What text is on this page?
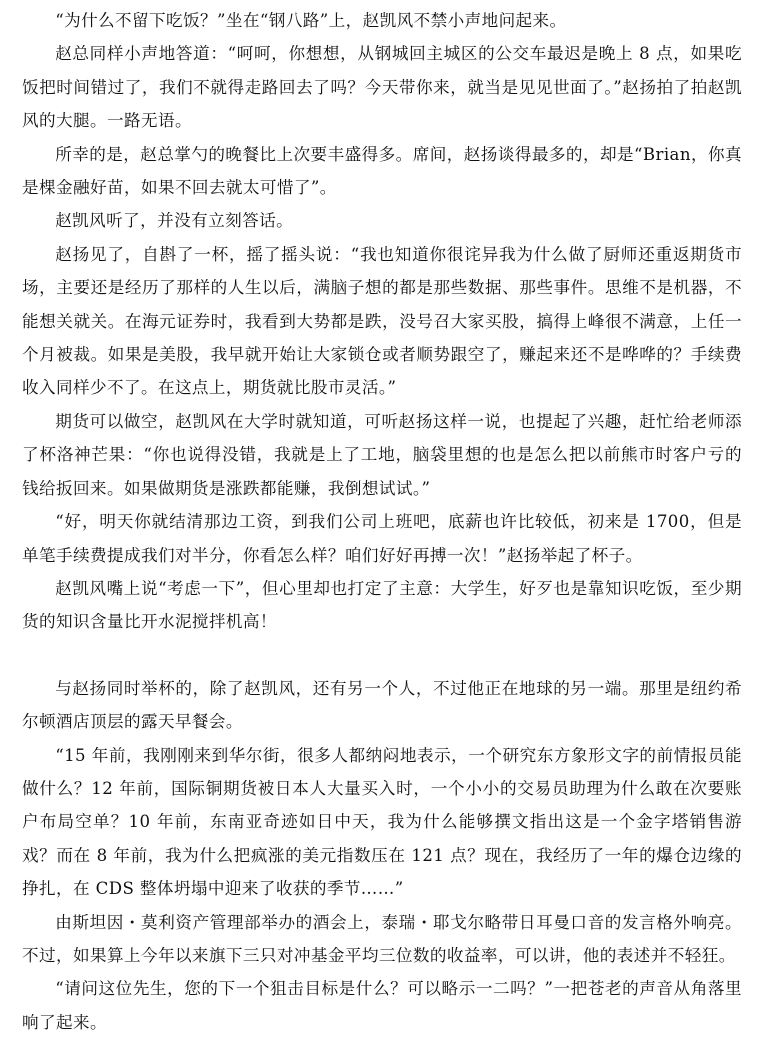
“为什么不留下吃饭？”坐在“钢八路”上，赵凯风不禁小声地问起来。

赵总同样小声地答道：“呵呵，你想想，从钢城回主城区的公交车最迟是晚上 8 点，如果吃饭把时间错过了，我们不就得走路回去了吗？今天带你来，就当是见见世面了。”赵扬拍了拍赵凯风的大腿。一路无语。

所幸的是，赵总掌勺的晚餐比上次要丰盛得多。席间，赵扬谈得最多的，却是“Brian，你真是棵金融好苗，如果不回去就太可惜了”。

赵凯风听了，并没有立刻答话。

赵扬见了，自斟了一杯，摇了摇头说：“我也知道你很诧异我为什么做了厨师还重返期货市场，主要还是经历了那样的人生以后，满脑子想的都是那些数据、那些事件。思维不是机器，不能想关就关。在海元证券时，我看到大势都是跌，没号召大家买股，搞得上峰很不满意，上任一个月被裁。如果是美股，我早就开始让大家锁仓或者顺势跟空了，赚起来还不是哗哗的？手续费收入同样少不了。在这点上，期货就比股市灵活。”

期货可以做空，赵凯风在大学时就知道，可听赵扬这样一说，也提起了兴趣，赶忙给老师添了杯洛神芒果：“你也说得没错，我就是上了工地，脑袋里想的也是怎么把以前熊市时客户亏的钱给扳回来。如果做期货是涨跌都能赚，我倒想试试。”

“好，明天你就结清那边工资，到我们公司上班吧，底薪也许比较低，初来是 1700，但是单笔手续费提成我们对半分，你看怎么样？咱们好好再搏一次！”赵扬举起了杯子。

赵凯风嘴上说“考虑一下”，但心里却也打定了主意：大学生，好歹也是靠知识吃饭，至少期货的知识含量比开水泥搅拌机高！

与赵扬同时举杯的，除了赵凯风，还有另一个人，不过他正在地球的另一端。那里是纽约希尔顿酒店顶层的露天早餐会。

“15 年前，我刚刚来到华尔街，很多人都纳闷地表示，一个研究东方象形文字的前情报员能做什么？12 年前，国际铜期货被日本人大量买入时，一个小小的交易员助理为什么敢在次要账户布局空单？10 年前，东南亚奇迹如日中天，我为什么能够撰文指出这是一个金字塔销售游戏？而在 8 年前，我为什么把疯涨的美元指数压在 121 点？现在，我经历了一年的爆仓边缘的挣扎，在 CDS 整体坍塌中迎来了收获的季节……”

由斯坦因・莫利资产管理部举办的酒会上，泰瑞・耶戈尔略带日耳曼口音的发言格外响亮。不过，如果算上今年以来旗下三只对冲基金平均三位数的收益率，可以讲，他的表述并不轻狂。

“请问这位先生，您的下一个狙击目标是什么？可以略示一二吗？”一把苍老的声音从角落里响了起来。
